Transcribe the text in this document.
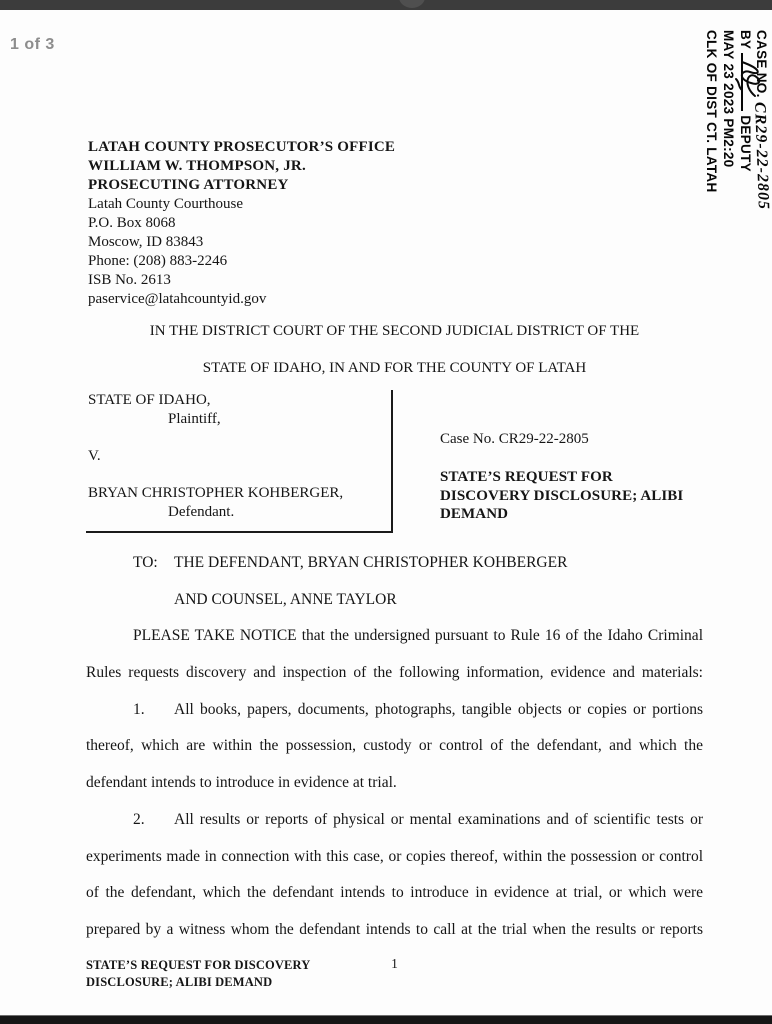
1 of 3	CASE NO. CR29-22-2805
BY
DEPUTY
MAY 23 2023 PM2:20
CLK OF DIST CT. LATAH
LATAH COUNTY PROSECUTOR’S OFFICE
WILLIAM W. THOMPSON, JR.
PROSECUTING ATTORNEY
Latah County Courthouse
P.O. Box 8068
Moscow, ID 83843
Phone: (208) 883-2246
ISB No. 2613
paservice@latahcountyid.gov
IN THE DISTRICT COURT OF THE SECOND JUDICIAL DISTRICT OF THE
STATE OF IDAHO, IN AND FOR THE COUNTY OF LATAH
STATE OF IDAHO,
Plaintiff,
V.
BRYAN CHRISTOPHER KOHBERGER,
Defendant.
Case No. CR29-22-2805
STATE’S REQUEST FOR
DISCOVERY DISCLOSURE; ALIBI
DEMAND
TO: THE DEFENDANT, BRYAN CHRISTOPHER KOHBERGER
AND COUNSEL, ANNE TAYLOR
PLEASE TAKE NOTICE that the undersigned pursuant to Rule 16 of the Idaho Criminal
Rules requests discovery and inspection of the following information, evidence and materials:
1. All books, papers, documents, photographs, tangible objects or copies or portions
thereof, which are within the possession, custody or control of the defendant, and which the
defendant intends to introduce in evidence at trial.
2. All results or reports of physical or mental examinations and of scientific tests or
experiments made in connection with this case, or copies thereof, within the possession or control
of the defendant, which the defendant intends to introduce in evidence at trial, or which were
prepared by a witness whom the defendant intends to call at the trial when the results or reports
STATE’S REQUEST FOR DISCOVERY
DISCLOSURE; ALIBI DEMAND
1
